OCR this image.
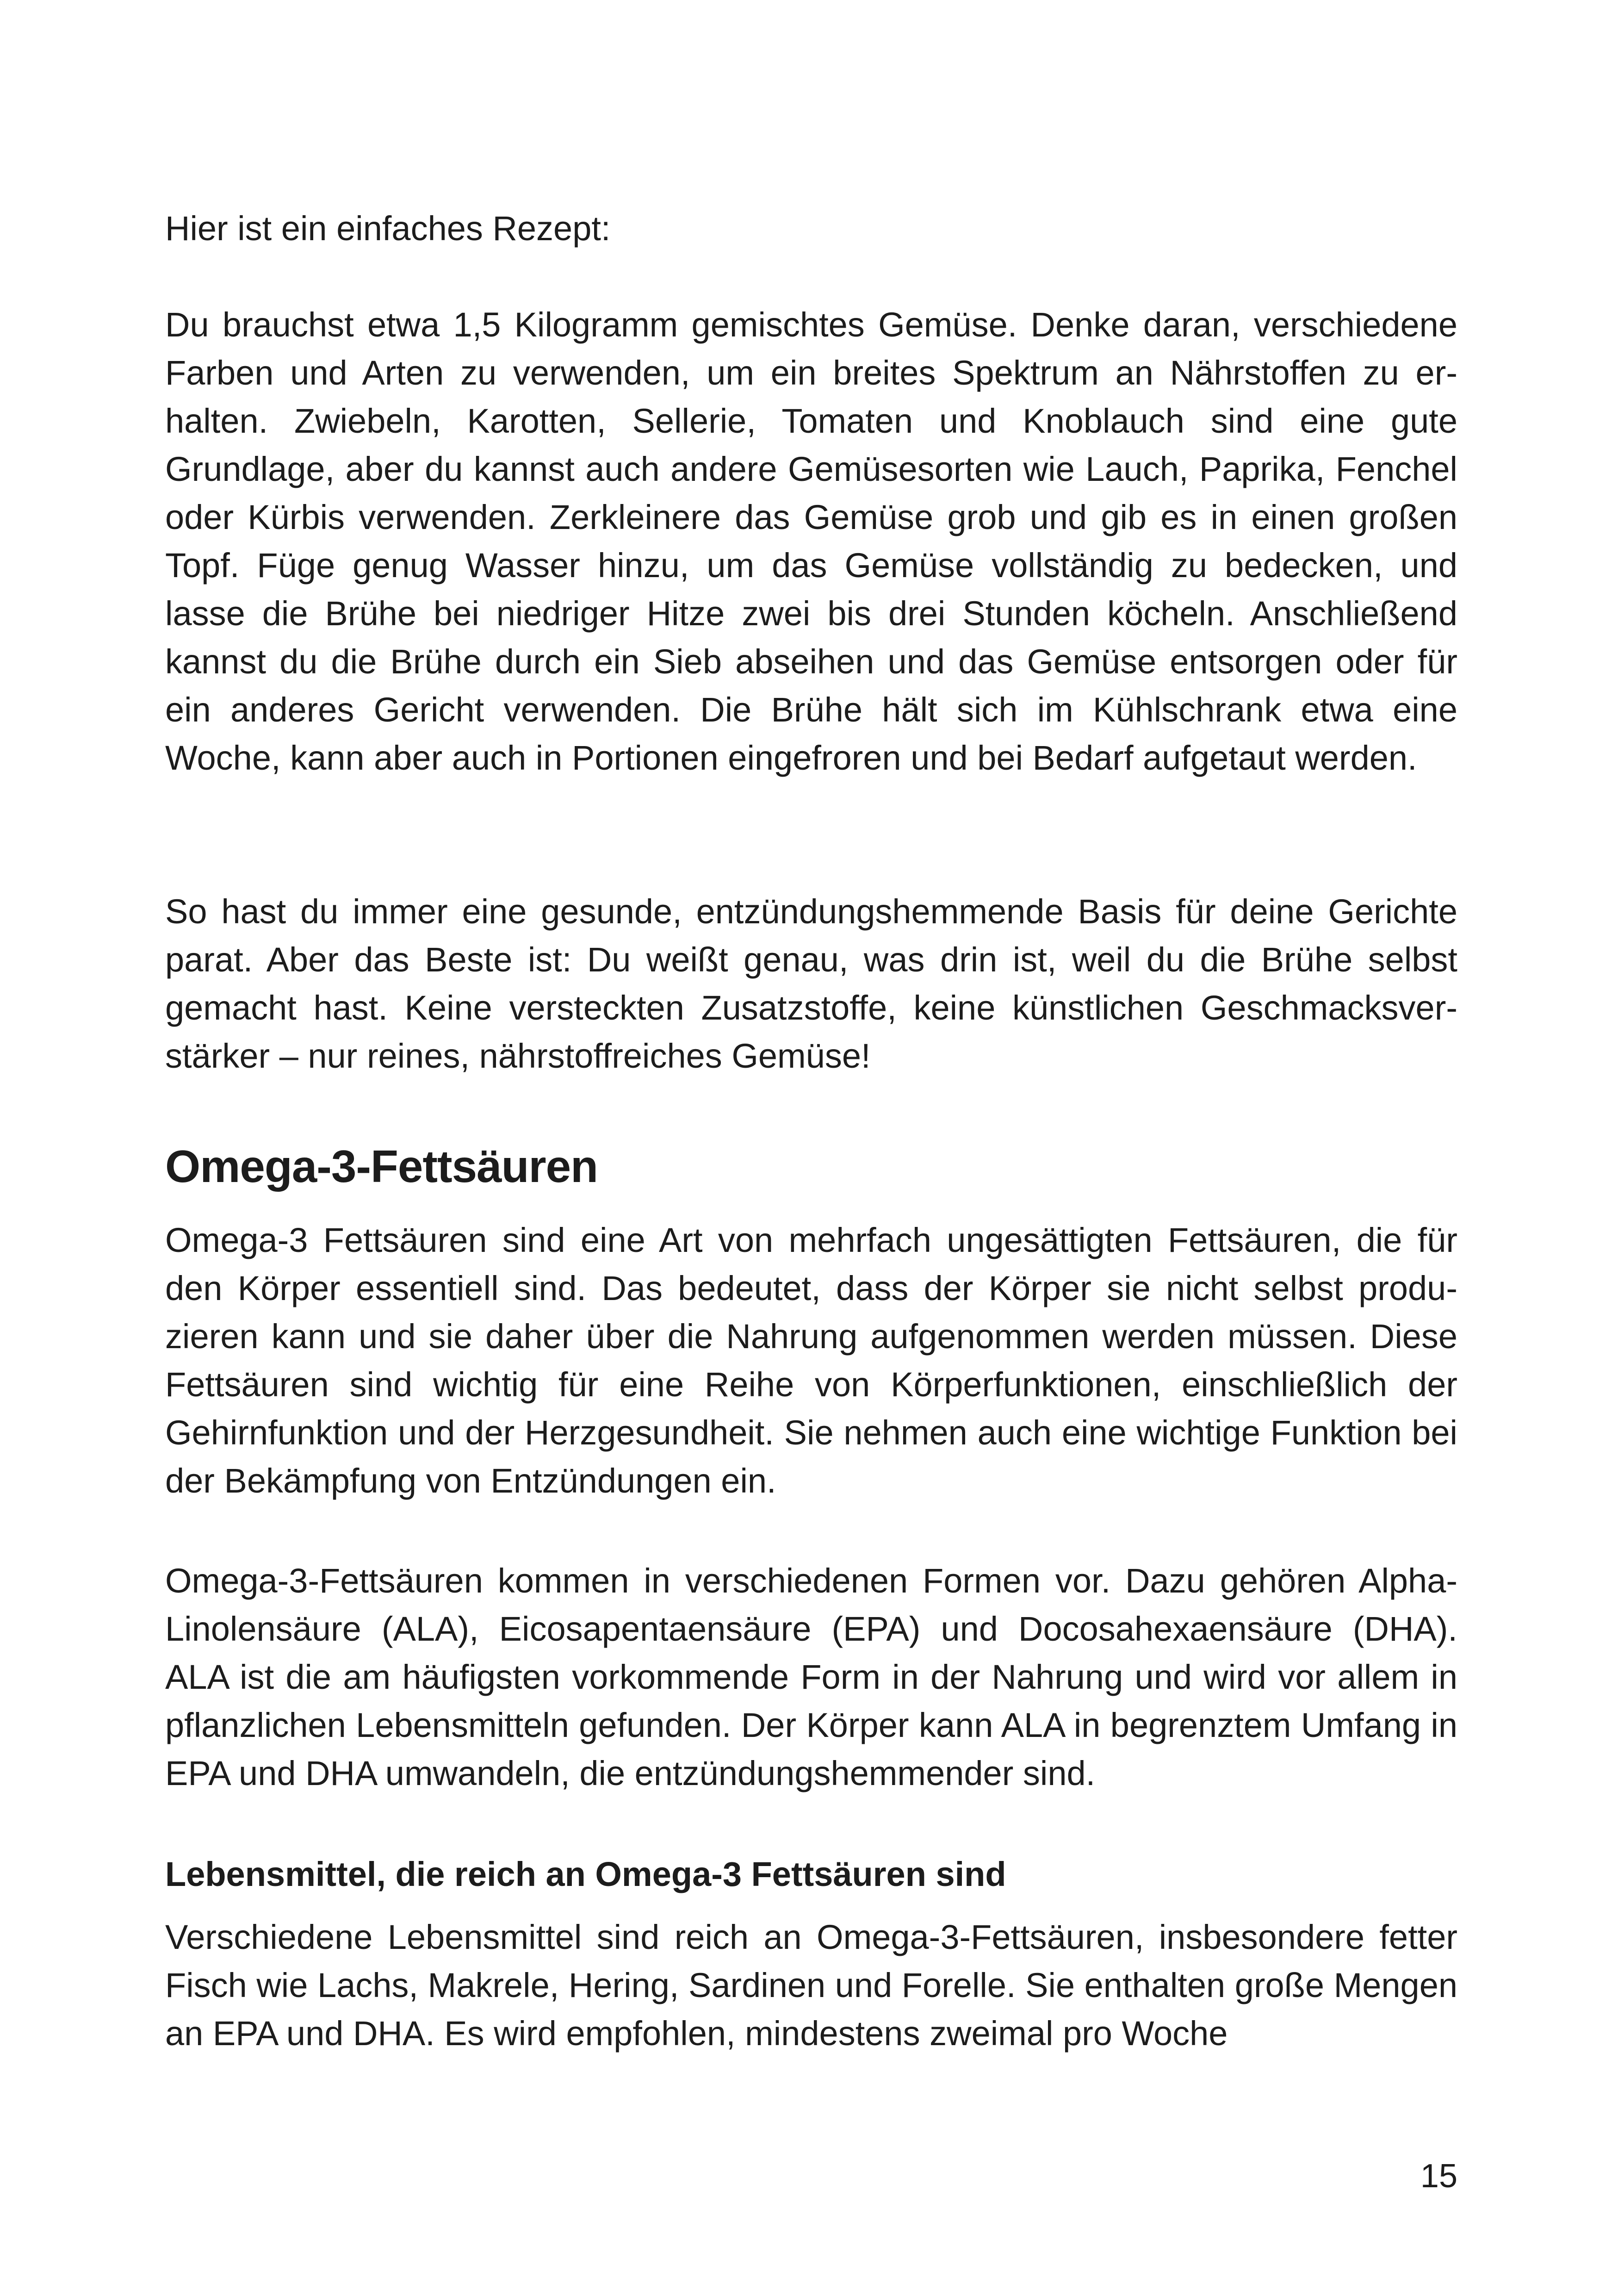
Hier ist ein einfaches Rezept:

Du brauchst etwa 1,5 Kilogramm gemischtes Gemüse. Denke daran, verschiedene Farben und Arten zu verwenden, um ein breites Spektrum an Nährstoffen zu erhalten. Zwiebeln, Karotten, Sellerie, Tomaten und Knoblauch sind eine gute Grundlage, aber du kannst auch andere Gemüsesorten wie Lauch, Paprika, Fenchel oder Kürbis verwenden. Zerkleinere das Gemüse grob und gib es in einen großen Topf. Füge genug Wasser hinzu, um das Gemüse vollständig zu bedecken, und lasse die Brühe bei niedriger Hitze zwei bis drei Stunden köcheln. Anschließend kannst du die Brühe durch ein Sieb abseihen und das Gemüse entsorgen oder für ein anderes Gericht verwenden. Die Brühe hält sich im Kühlschrank etwa eine Woche, kann aber auch in Portionen eingefroren und bei Bedarf aufgetaut werden.

So hast du immer eine gesunde, entzündungshemmende Basis für deine Gerichte parat. Aber das Beste ist: Du weißt genau, was drin ist, weil du die Brühe selbst gemacht hast. Keine versteckten Zusatzstoffe, keine künstlichen Geschmacksverstärker – nur reines, nährstoffreiches Gemüse!

Omega-3-Fettsäuren

Omega-3 Fettsäuren sind eine Art von mehrfach ungesättigten Fettsäuren, die für den Körper essentiell sind. Das bedeutet, dass der Körper sie nicht selbst produzieren kann und sie daher über die Nahrung aufgenommen werden müssen. Diese Fettsäuren sind wichtig für eine Reihe von Körperfunktionen, einschließlich der Gehirnfunktion und der Herzgesundheit. Sie nehmen auch eine wichtige Funktion bei der Bekämpfung von Entzündungen ein.

Omega-3-Fettsäuren kommen in verschiedenen Formen vor. Dazu gehören Alpha-Linolensäure (ALA), Eicosapentaensäure (EPA) und Docosahexaensäure (DHA). ALA ist die am häufigsten vorkommende Form in der Nahrung und wird vor allem in pflanzlichen Lebensmitteln gefunden. Der Körper kann ALA in begrenztem Umfang in EPA und DHA umwandeln, die entzündungshemmender sind.

Lebensmittel, die reich an Omega-3 Fettsäuren sind

Verschiedene Lebensmittel sind reich an Omega-3-Fettsäuren, insbesondere fetter Fisch wie Lachs, Makrele, Hering, Sardinen und Forelle. Sie enthalten große Mengen an EPA und DHA. Es wird empfohlen, mindestens zweimal pro Woche

15
